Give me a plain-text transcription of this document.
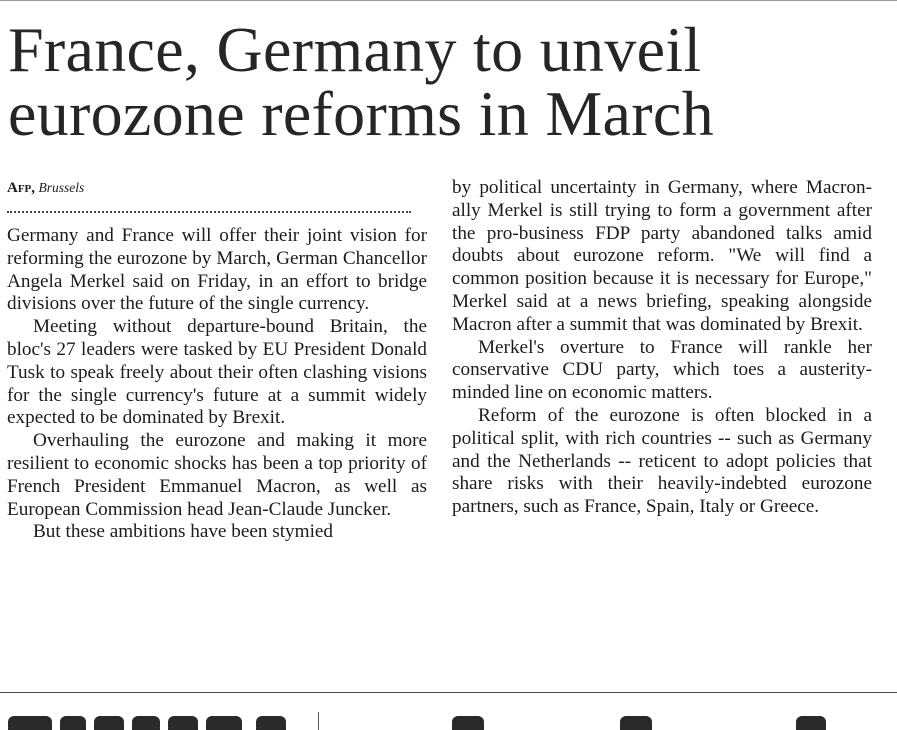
France, Germany to unveil
eurozone reforms in March
Afp, Brussels

Germany and France will offer their joint vision for reforming the eurozone by March, German Chancellor Angela Merkel said on Friday, in an effort to bridge divisions over the future of the single currency.

Meeting without departure-bound Britain, the bloc's 27 leaders were tasked by EU President Donald Tusk to speak freely about their often clashing visions for the single currency's future at a summit widely expected to be dominated by Brexit.

Overhauling the eurozone and making it more resilient to economic shocks has been a top priority of French President Emmanuel Macron, as well as European Commission head Jean-Claude Juncker.

But these ambitions have been stymied

by political uncertainty in Germany, where Macron-ally Merkel is still trying to form a government after the pro-business FDP party abandoned talks amid doubts about eurozone reform. "We will find a common position because it is necessary for Europe," Merkel said at a news briefing, speaking alongside Macron after a summit that was dominated by Brexit.

Merkel's overture to France will rankle her conservative CDU party, which toes a austerity-minded line on economic matters.

Reform of the eurozone is often blocked in a political split, with rich countries -- such as Germany and the Netherlands -- reticent to adopt policies that share risks with their heavily-indebted eurozone partners, such as France, Spain, Italy or Greece.
